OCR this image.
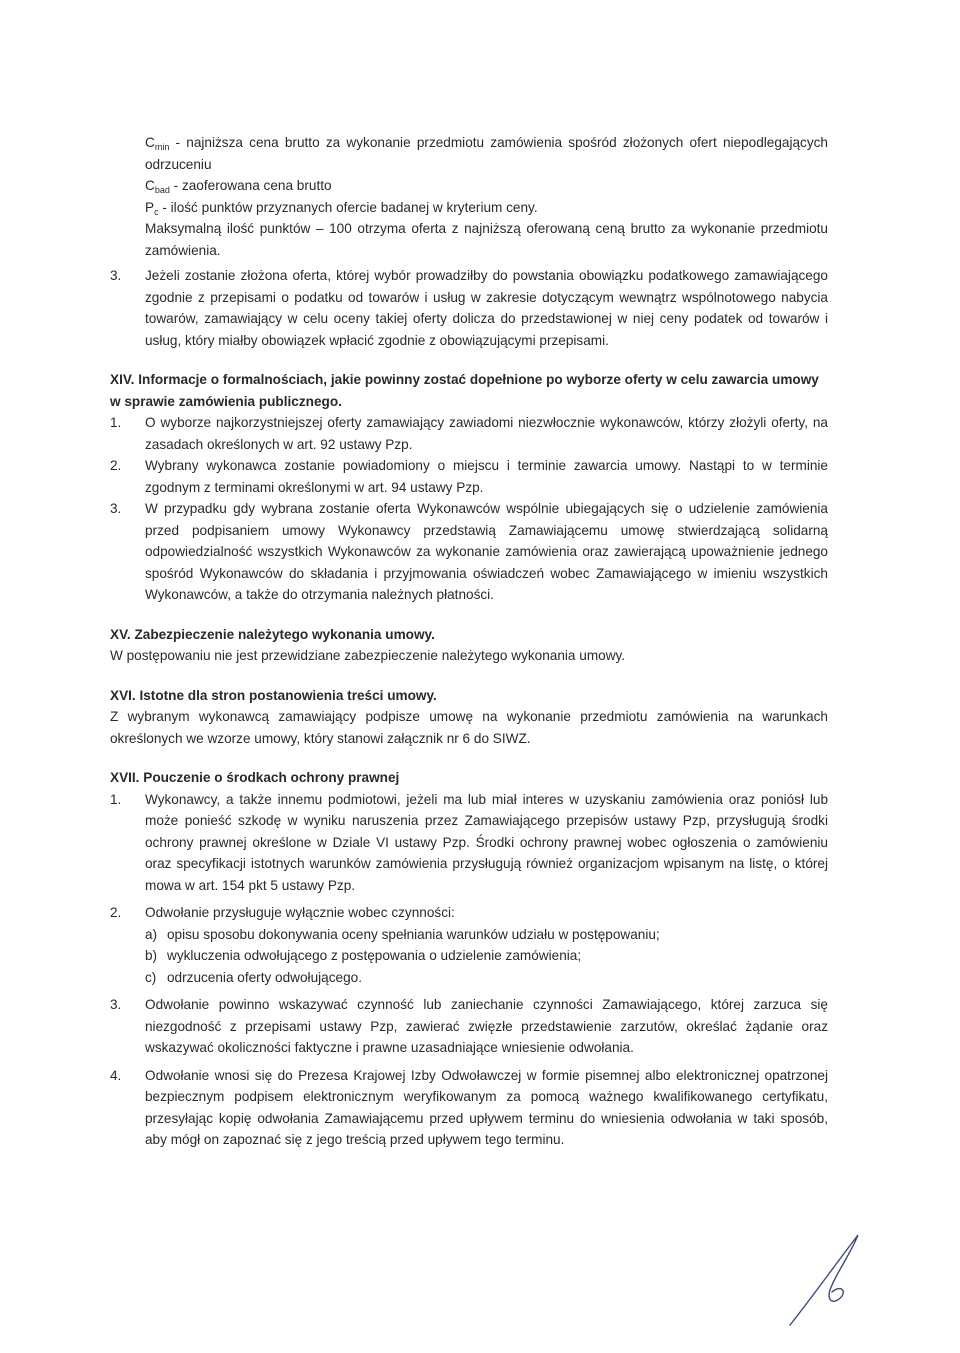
$C_{min}$ - najniższa cena brutto za wykonanie przedmiotu zamówienia spośród złożonych ofert niepodlegających odrzuceniu

$C_{bad}$ - zaoferowana cena brutto

$P_c$ - ilość punktów przyznanych ofercie badanej w kryterium ceny.

Maksymalną ilość punktów – 100 otrzyma oferta z najniższą oferowaną ceną brutto za wykonanie przedmiotu zamówienia.

3.	Jeżeli zostanie złożona oferta, której wybór prowadziłby do powstania obowiązku podatkowego zamawiającego zgodnie z przepisami o podatku od towarów i usług w zakresie dotyczącym wewnątrz wspólnotowego nabycia towarów, zamawiający w celu oceny takiej oferty dolicza do przedstawionej w niej ceny podatek od towarów i usług, który miałby obowiązek wpłacić zgodnie z obowiązującymi przepisami.

XIV. Informacje o formalnościach, jakie powinny zostać dopełnione po wyborze oferty w celu zawarcia umowy w sprawie zamówienia publicznego.

1.	O wyborze najkorzystniejszej oferty zamawiający zawiadomi niezwłocznie wykonawców, którzy złożyli oferty, na zasadach określonych w art. 92 ustawy Pzp.
2.	Wybrany wykonawca zostanie powiadomiony o miejscu i terminie zawarcia umowy. Nastąpi to w terminie zgodnym z terminami określonymi w art. 94 ustawy Pzp.
3.	W przypadku gdy wybrana zostanie oferta Wykonawców wspólnie ubiegających się o udzielenie zamówienia przed podpisaniem umowy Wykonawcy przedstawią Zamawiającemu umowę stwierdzającą solidarną odpowiedzialność wszystkich Wykonawców za wykonanie zamówienia oraz zawierającą upoważnienie jednego spośród Wykonawców do składania i przyjmowania oświadczeń wobec Zamawiającego w imieniu wszystkich Wykonawców, a także do otrzymania należnych płatności.

XV. Zabezpieczenie należytego wykonania umowy.

W postępowaniu nie jest przewidziane zabezpieczenie należytego wykonania umowy.

XVI. Istotne dla stron postanowienia treści umowy.

Z wybranym wykonawcą zamawiający podpisze umowę na wykonanie przedmiotu zamówienia na warunkach określonych we wzorze umowy, który stanowi załącznik nr 6 do SIWZ.

XVII. Pouczenie o środkach ochrony prawnej

1.	Wykonawcy, a także innemu podmiotowi, jeżeli ma lub miał interes w uzyskaniu zamówienia oraz poniósł lub może ponieść szkodę w wyniku naruszenia przez Zamawiającego przepisów ustawy Pzp, przysługują środki ochrony prawnej określone w Dziale VI ustawy Pzp. Środki ochrony prawnej wobec ogłoszenia o zamówieniu oraz specyfikacji istotnych warunków zamówienia przysługują również organizacjom wpisanym na listę, o której mowa w art. 154 pkt 5 ustawy Pzp.
2.	Odwołanie przysługuje wyłącznie wobec czynności:
a) opisu sposobu dokonywania oceny spełniania warunków udziału w postępowaniu;
b) wykluczenia odwołującego z postępowania o udzielenie zamówienia;
c) odrzucenia oferty odwołującego.
3.	Odwołanie powinno wskazywać czynność lub zaniechanie czynności Zamawiającego, której zarzuca się niezgodność z przepisami ustawy Pzp, zawierać zwięzłe przedstawienie zarzutów, określać żądanie oraz wskazywać okoliczności faktyczne i prawne uzasadniające wniesienie odwołania.
4.	Odwołanie wnosi się do Prezesa Krajowej Izby Odwoławczej w formie pisemnej albo elektronicznej opatrzonej bezpiecznym podpisem elektronicznym weryfikowanym za pomocą ważnego kwalifikowanego certyfikatu, przesyłając kopię odwołania Zamawiającemu przed upływem terminu do wniesienia odwołania w taki sposób, aby mógł on zapoznać się z jego treścią przed upływem tego terminu.
